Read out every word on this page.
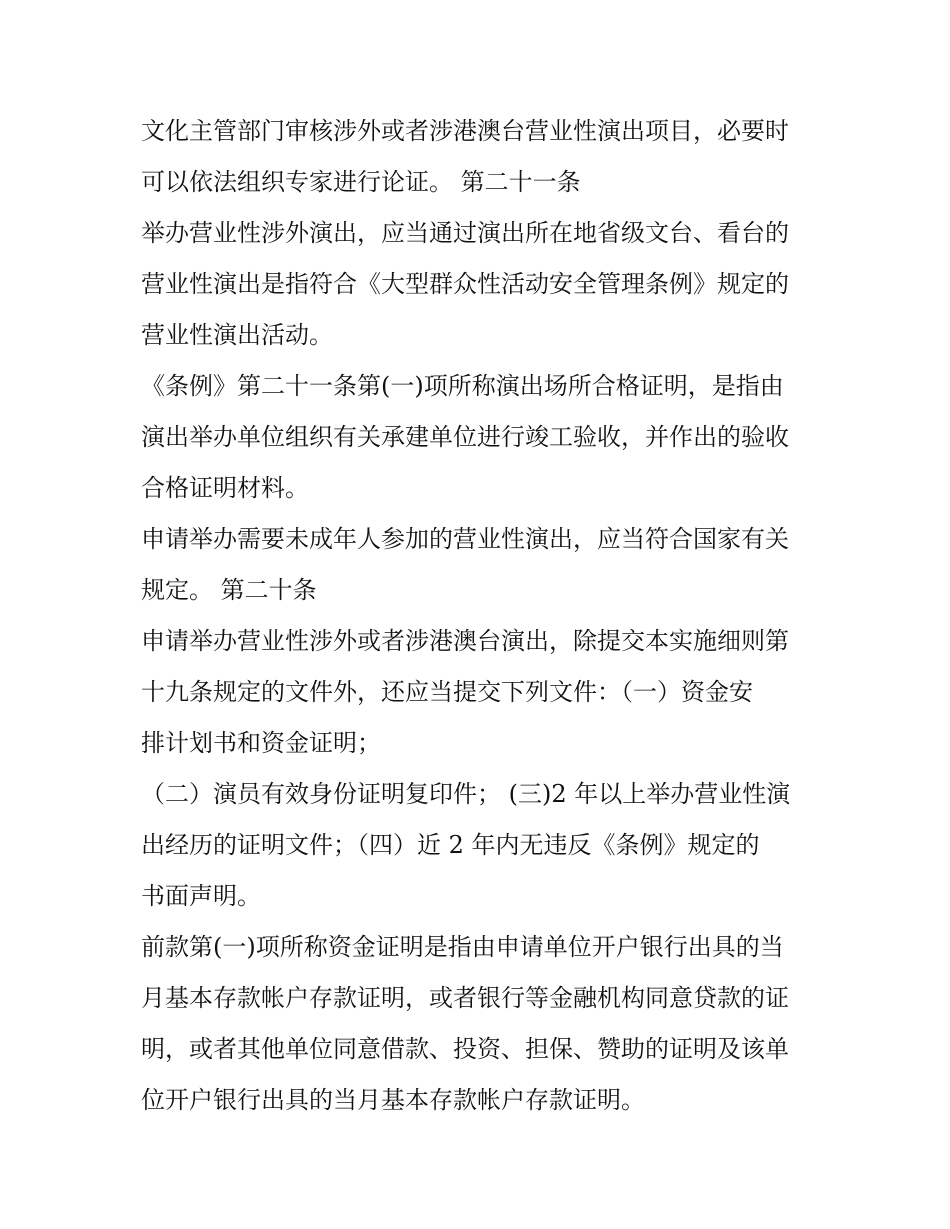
文化主管部门审核涉外或者涉港澳台营业性演出项目，必要时
可以依法组织专家进行论证。 第二十一条

举办营业性涉外演出，应当通过演出所在地省级文台、看台的
营业性演出是指符合《大型群众性活动安全管理条例》规定的
营业性演出活动。

《条例》第二十一条第(一)项所称演出场所合格证明，是指由
演出举办单位组织有关承建单位进行竣工验收，并作出的验收
合格证明材料。

申请举办需要未成年人参加的营业性演出，应当符合国家有关
规定。 第二十条

申请举办营业性涉外或者涉港澳台演出，除提交本实施细则第
十九条规定的文件外，还应当提交下列文件：（一）资金安
排计划书和资金证明；

（二）演员有效身份证明复印件； (三)2 年以上举办营业性演
出经历的证明文件；（四）近 2 年内无违反《条例》规定的
书面声明。

前款第(一)项所称资金证明是指由申请单位开户银行出具的当
月基本存款帐户存款证明，或者银行等金融机构同意贷款的证
明，或者其他单位同意借款、投资、担保、赞助的证明及该单
位开户银行出具的当月基本存款帐户存款证明。
